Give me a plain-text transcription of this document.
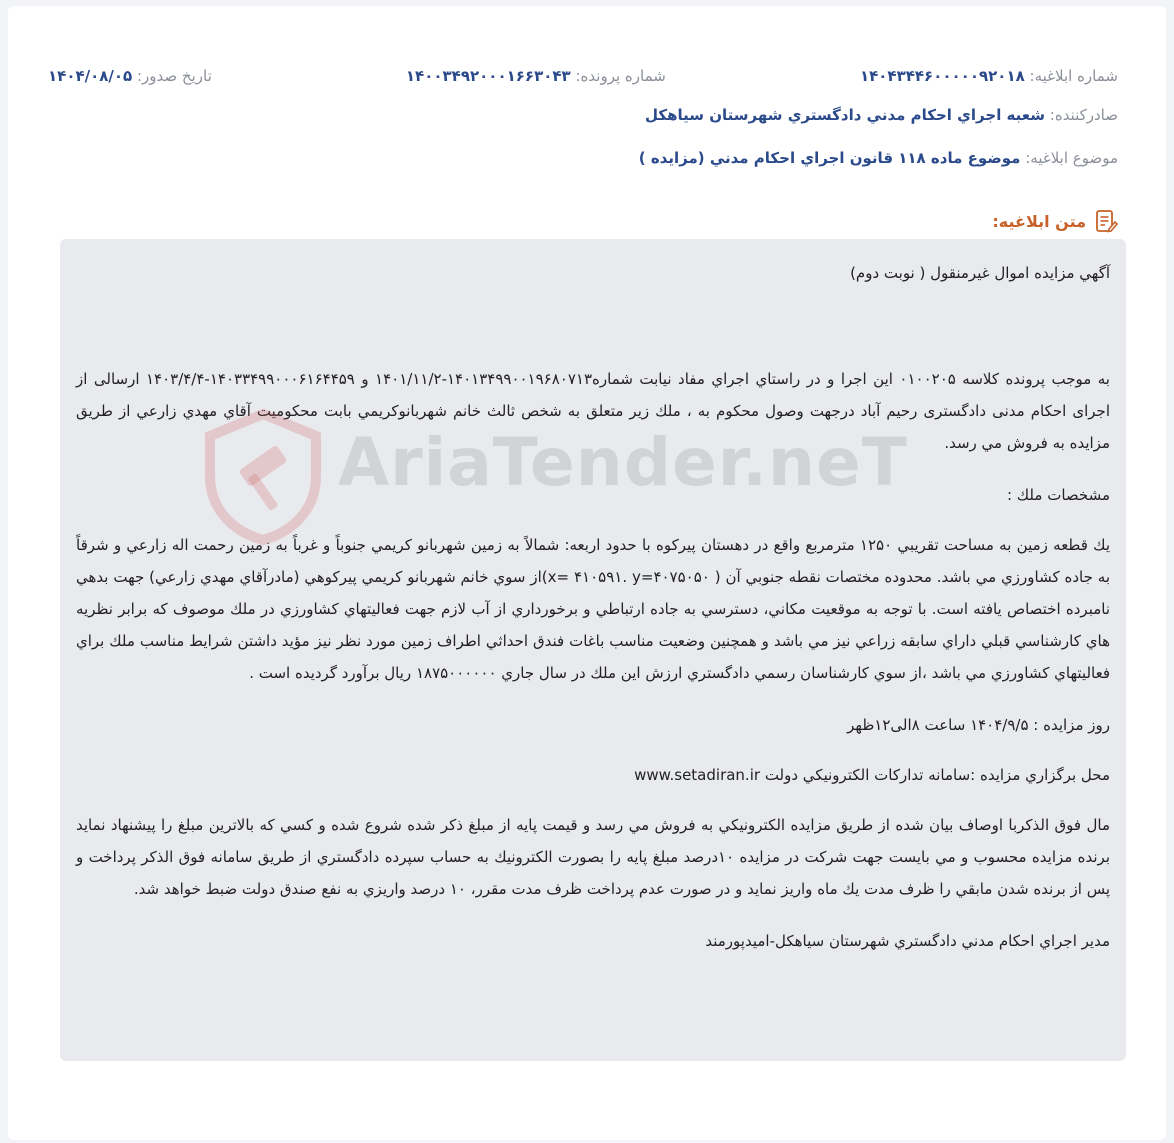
شماره ابلاغیه: ۱۴۰۴۳۴۴۶۰۰۰۰۰۹۲۰۱۸
شماره پرونده: ۱۴۰۰۳۴۹۲۰۰۰۱۶۶۳۰۴۳
تاریخ صدور: ۱۴۰۴/۰۸/۰۵
صادرکننده: شعبه اجراي احكام مدني دادگستري شهرستان سياهكل
موضوع ابلاغیه: موضوع ماده ۱۱۸ قانون اجراي احكام مدني (مزايده )
متن ابلاغیه:

آگهي مزايده اموال غيرمنقول ( نوبت دوم)

به موجب پرونده كلاسه ۰۱۰۰۲۰۵ اين اجرا و در راستاي اجراي مفاد نيابت شماره۱۴۰۱۳۴۹۹۰۰۱۹۶۸۰۷۱۳-۱۴۰۱/۱۱/۲ و ۱۴۰۳۳۴۹۹۰۰۰۶۱۶۴۴۵۹-۱۴۰۳/۴/۴ ارسالی از اجرای احکام مدنی دادگستری رحیم آباد درجهت وصول محكوم به ، ملك زير متعلق به شخص ثالث خانم شهربانوكريمي بابت محكوميت آقاي مهدي زارعي از طريق مزايده به فروش مي رسد.

مشخصات ملك :

يك قطعه زمين به مساحت تقريبي ۱۲۵۰ مترمربع واقع در دهستان پيركوه با حدود اربعه: شمالاً به زمين شهربانو كريمي جنوباً و غرباً به زمين رحمت اله زارعي و شرقاً به جاده كشاورزي مي باشد. محدوده مختصات نقطه جنوبي آن ( x= ۴۱۰۵۹۱. y=۴۰۷۵۰۵۰)از سوي خانم شهربانو كريمي پيركوهي (مادرآقاي مهدي زارعي) جهت بدهي نامبرده اختصاص يافته است. با توجه به موقعيت مكاني، دسترسي به جاده ارتباطي و برخورداري از آب لازم جهت فعاليتهاي كشاورزي در ملك موصوف كه برابر نظريه هاي كارشناسي قبلي داراي سابقه زراعي نيز مي باشد و همچنين وضعيت مناسب باغات فندق احداثي اطراف زمين مورد نظر نيز مؤيد داشتن شرايط مناسب ملك براي فعاليتهاي كشاورزي مي باشد ،از سوي كارشناسان رسمي دادگستري ارزش اين ملك در سال جاري ۱۸۷۵۰۰۰۰۰۰ ريال برآورد گرديده است .

روز مزايده : ۱۴۰۴/۹/۵ ساعت ۸الی۱۲ظهر

محل برگزاري مزايده :سامانه تداركات الكترونيكي دولت www.setadiran.ir

مال فوق الذكربا اوصاف بيان شده از طريق مزايده الكترونيكي به فروش مي رسد و قيمت پايه از مبلغ ذكر شده شروع شده و كسي كه بالاترين مبلغ را پيشنهاد نمايد برنده مزايده محسوب و مي بايست جهت شركت در مزايده ۱۰درصد مبلغ پايه را بصورت الكترونيك به حساب سپرده دادگستري از طريق سامانه فوق الذكر پرداخت و پس از برنده شدن مابقي را ظرف مدت يك ماه واريز نمايد و در صورت عدم پرداخت ظرف مدت مقرر، ۱۰ درصد واريزي به نفع صندق دولت ضبط خواهد شد.

مدير اجراي احكام مدني دادگستري شهرستان سياهكل-اميدپورمند

AriaTender.neT
